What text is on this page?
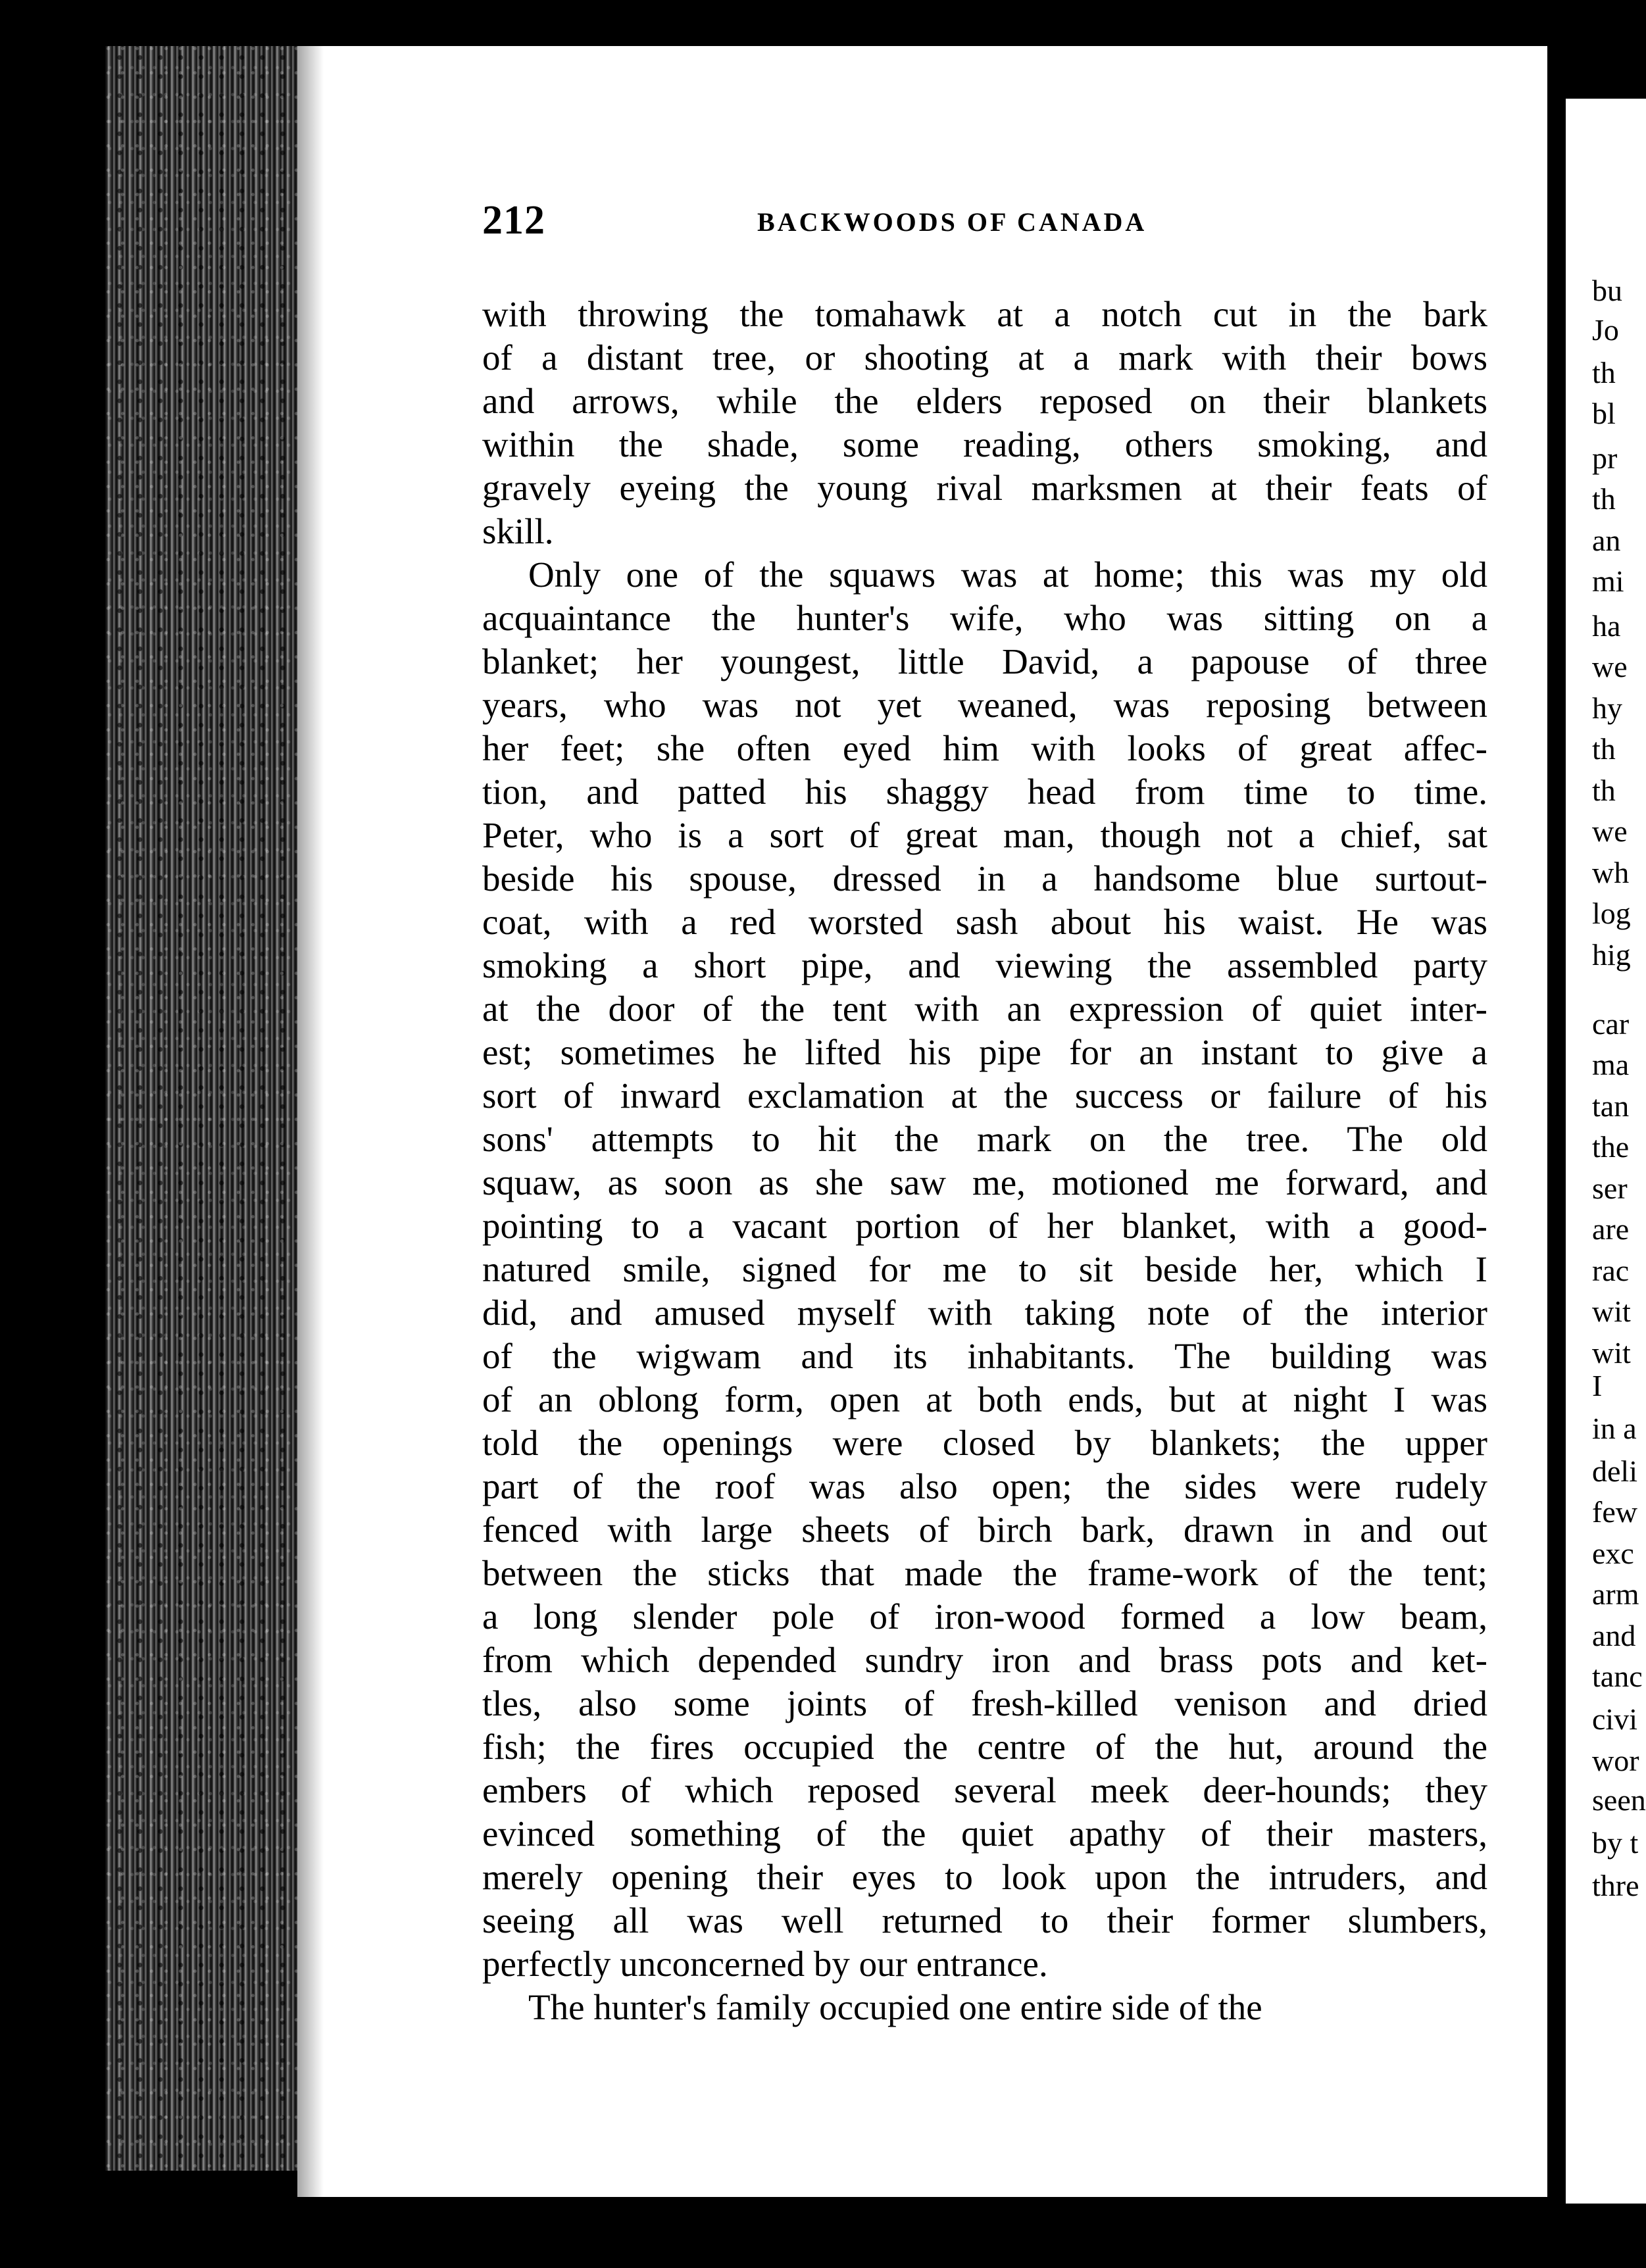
bu
Jo
th
bl
pr
th
an
mi
ha
we
hy
th
th
we
wh
log
hig
car
ma
tan
the
ser
are
rac
wit
wit
I
in a
deli
few
exc
arm
and
tanc
civi
wor
seen
by t
thre
212	BACKWOODS OF CANADA
with throwing the tomahawk at a notch cut in the bark
of a distant tree, or shooting at a mark with their bows
and arrows, while the elders reposed on their blankets
within the shade, some reading, others smoking, and
gravely eyeing the young rival marksmen at their feats of
skill.
Only one of the squaws was at home; this was my old
acquaintance the hunter's wife, who was sitting on a
blanket; her youngest, little David, a papouse of three
years, who was not yet weaned, was reposing between
her feet; she often eyed him with looks of great affec-
tion, and patted his shaggy head from time to time.
Peter, who is a sort of great man, though not a chief, sat
beside his spouse, dressed in a handsome blue surtout-
coat, with a red worsted sash about his waist. He was
smoking a short pipe, and viewing the assembled party
at the door of the tent with an expression of quiet inter-
est; sometimes he lifted his pipe for an instant to give a
sort of inward exclamation at the success or failure of his
sons' attempts to hit the mark on the tree. The old
squaw, as soon as she saw me, motioned me forward, and
pointing to a vacant portion of her blanket, with a good-
natured smile, signed for me to sit beside her, which I
did, and amused myself with taking note of the interior
of the wigwam and its inhabitants. The building was
of an oblong form, open at both ends, but at night I was
told the openings were closed by blankets; the upper
part of the roof was also open; the sides were rudely
fenced with large sheets of birch bark, drawn in and out
between the sticks that made the frame-work of the tent;
a long slender pole of iron-wood formed a low beam,
from which depended sundry iron and brass pots and ket-
tles, also some joints of fresh-killed venison and dried
fish; the fires occupied the centre of the hut, around the
embers of which reposed several meek deer-hounds; they
evinced something of the quiet apathy of their masters,
merely opening their eyes to look upon the intruders, and
seeing all was well returned to their former slumbers,
perfectly unconcerned by our entrance.
The hunter's family occupied one entire side of the
